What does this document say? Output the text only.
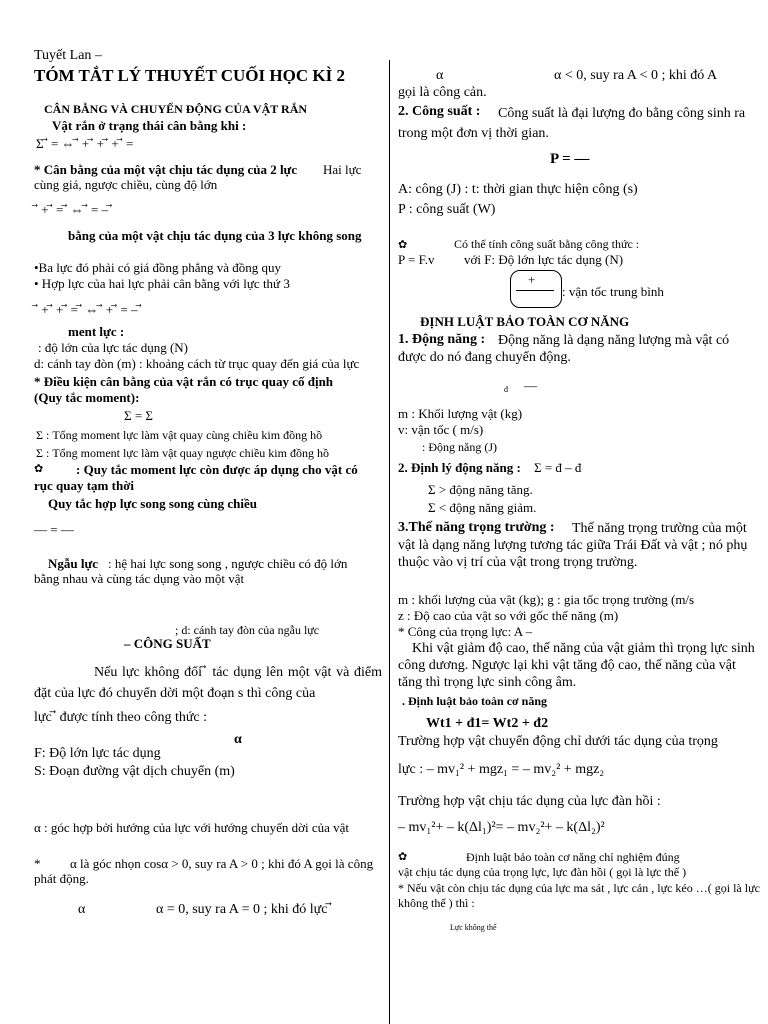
Tuyết Lan –
TÓM TẮT LÝ THUYẾT CUỐI HỌC KÌ 2
CÂN BẰNG VÀ CHUYỂN ĐỘNG CỦA VẬT RẮN
Vật rắn ở trạng thái cân bằng khi :
Σ ⃗ = ⇔ ⃗ + ⃗ + ⃗ + ⃗ =
* Cân bằng của một vật chịu tác dụng của 2 lực Hai lực
cùng giá, ngược chiều, cùng độ lớn
⃗ + ⃗ = ⃗ ⇔ ⃗ = – ⃗
bằng của một vật chịu tác dụng của 3 lực không song
•Ba lực đó phải có giá đồng phẳng và đồng quy
• Hợp lực của hai lực phải cân bằng với lực thứ 3
⃗ + ⃗ + ⃗ = ⃗ ⇔ ⃗ + ⃗ = – ⃗
ment lực :
: độ lớn của lực tác dụng (N)
d: cánh tay đòn (m) : khoảng cách từ trục quay đến giá của lực
* Điều kiện cân bằng của vật rắn có trục quay cố định
(Quy tắc moment):
Σ = Σ
Σ : Tổng moment lực làm vật quay cùng chiều kim đồng hồ
Σ : Tổng moment lực làm vật quay ngược chiều kim đồng hồ
✿	: Quy tắc moment lực còn được áp dụng cho vật có
rục quay tạm thời
Quy tắc hợp lực song song cùng chiều
— = —
Ngẫu lực : hệ hai lực song song , ngược chiều có độ lớn bằng nhau và cùng tác dụng vào một vật
; d: cánh tay đòn của ngẫu lực
– CÔNG SUẤT
Nếu lực không đổi ⃗ tác dụng lên một vật và điểm đặt của lực đó chuyển dời một đoạn s thì công của
lực ⃗ được tính theo công thức :
α
F: Độ lớn lực tác dụng
S: Đoạn đường vật dịch chuyển (m)
α : góc hợp bởi hướng của lực với hướng chuyển dời của vật
*	α là góc nhọn cosα > 0, suy ra A > 0 ; khi đó A gọi là công phát động.
α	α = 0, suy ra A = 0 ; khi đó lực ⃗
α	α < 0, suy ra A < 0 ; khi đó A
gọi là công cản.
2. Công suất :	Công suất là đại lượng đo bằng công sinh ra trong một đơn vị thời gian.
P = —
A: công (J) : t: thời gian thực hiện công (s)
P : công suất (W)
✿	Có thể tính công suất bằng công thức :
P = F.v với F: Độ lớn lực tác dụng (N)
+
: vận tốc trung bình
ĐỊNH LUẬT BẢO TOÀN CƠ NĂNG
1. Động năng : Động năng là dạng năng lượng mà vật có được do nó đang chuyển động.
đ —
m : Khối lượng vật (kg)
v: vận tốc ( m/s)
: Động năng (J)
2. Định lý động năng : Σ = đ – đ
Σ > động năng tăng.
Σ < động năng giảm.
3.Thế năng trọng trường :	Thế năng trọng trường của một vật là dạng năng lượng tương tác giữa Trái Đất và vật ; nó phụ thuộc vào vị trí của vật trong trọng trường.
m : khối lượng của vật (kg); g : gia tốc trọng trường (m/s
z : Độ cao của vật so với gốc thế năng (m)
* Công của trọng lực: A –
Khi vật giảm độ cao, thế năng của vật giảm thì trọng lực sinh công dương. Ngược lại khi vật tăng độ cao, thế năng của vật tăng thì trọng lực sinh công âm.
. Định luật bảo toàn cơ năng
Wt1 + đ1= Wt2 + đ2
Trường hợp vật chuyển động chỉ dưới tác dụng của trọng
lực : – mv₁² + mgz₁ = – mv₂² + mgz₂
Trường hợp vật chịu tác dụng của lực đàn hồi :
– mv₁²+ – k(Δl₁)²= – mv₂²+ – k(Δl₂)²
✿	Định luật bảo toàn cơ năng chỉ nghiệm đúng
vật chịu tác dụng của trọng lực, lực đàn hồi ( gọi là lực thế )
* Nếu vật còn chịu tác dụng của lực ma sát , lực cản , lực kéo …( gọi là lực không thế ) thì :
Lực không thế
